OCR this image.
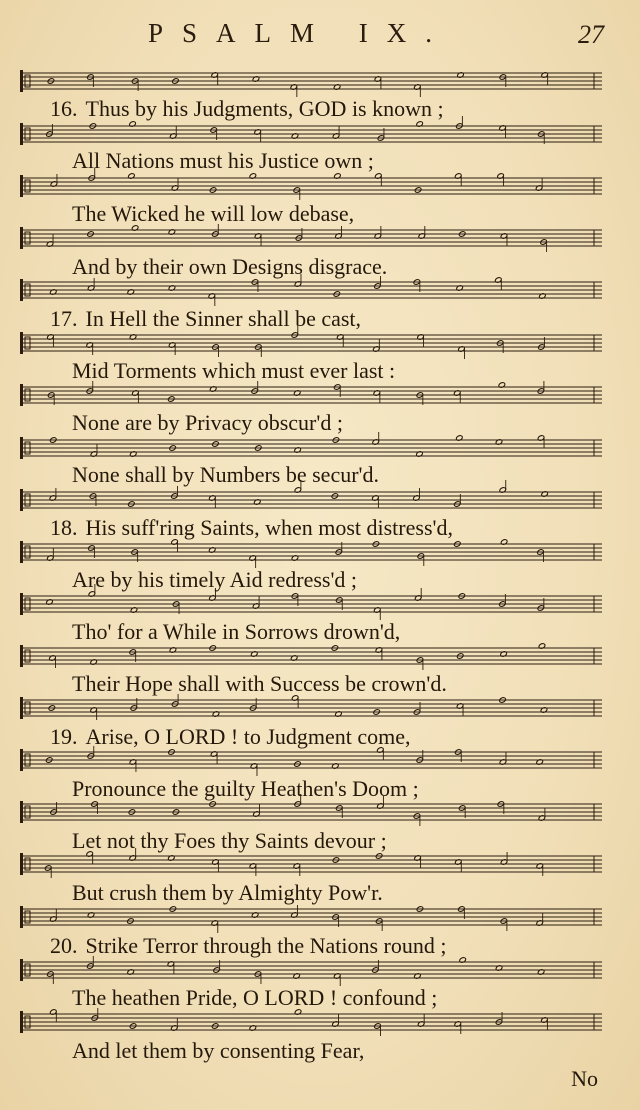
PSALM IX.	27
16. Thus by his Judgments, GOD is known ;
All Nations must his Justice own ;
The Wicked he will low debase,
And by their own Designs disgrace.
17. In Hell the Sinner shall be cast,
Mid Torments which must ever last :
None are by Privacy obscur'd ;
None shall by Numbers be secur'd.
18. His suff'ring Saints, when most distress'd,
Are by his timely Aid redress'd ;
Tho' for a While in Sorrows drown'd,
Their Hope shall with Success be crown'd.
19. Arise, O LORD ! to Judgment come,
Pronounce the guilty Heathen's Doom ;
Let not thy Foes thy Saints devour ;
But crush them by Almighty Pow'r.
20. Strike Terror through the Nations round ;
The heathen Pride, O LORD ! confound ;
And let them by consenting Fear,
No
